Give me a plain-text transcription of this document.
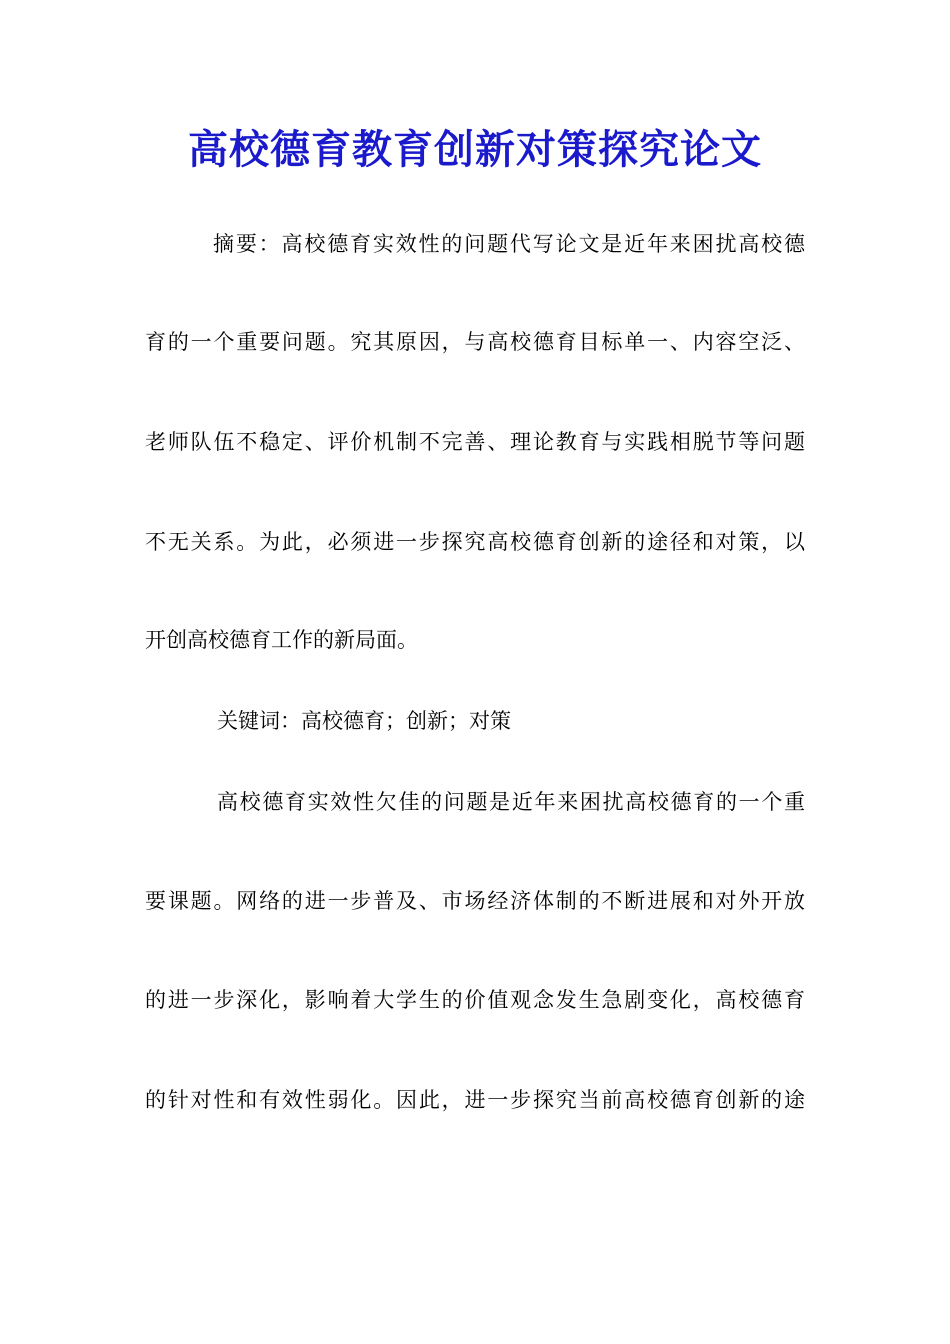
高校德育教育创新对策探究论文
摘要：高校德育实效性的问题代写论文是近年来困扰高校德
育的一个重要问题。究其原因，与高校德育目标单一、内容空泛、
老师队伍不稳定、评价机制不完善、理论教育与实践相脱节等问题
不无关系。为此，必须进一步探究高校德育创新的途径和对策，以
开创高校德育工作的新局面。
关键词：高校德育；创新；对策
高校德育实效性欠佳的问题是近年来困扰高校德育的一个重
要课题。网络的进一步普及、市场经济体制的不断进展和对外开放
的进一步深化，影响着大学生的价值观念发生急剧变化，高校德育
的针对性和有效性弱化。因此，进一步探究当前高校德育创新的途
